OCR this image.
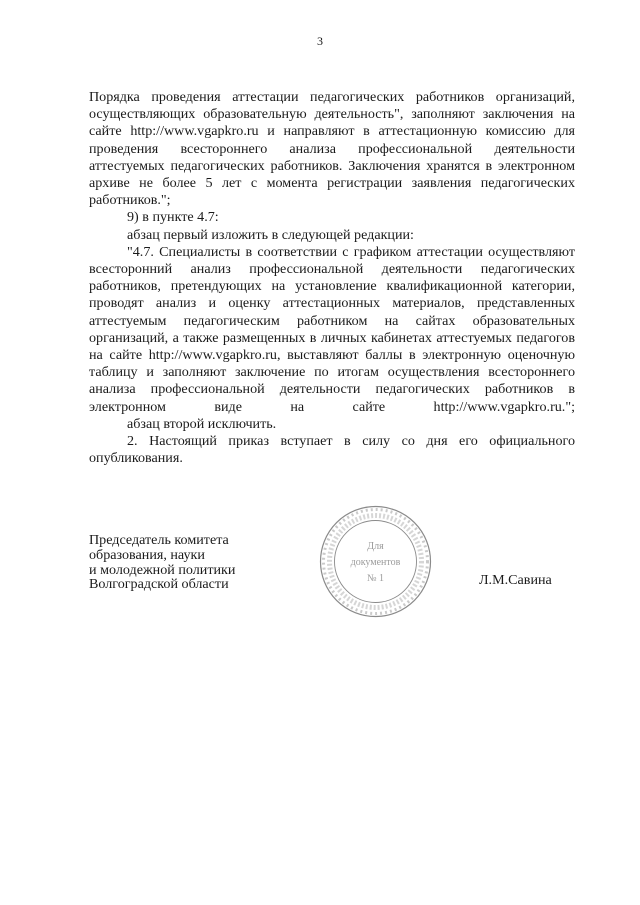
3

Порядка проведения аттестации педагогических работников организаций, осуществляющих образовательную деятельность", заполняют заключения на сайте http://www.vgapkro.ru и направляют в аттестационную комиссию для проведения всестороннего анализа профессиональной деятельности аттестуемых педагогических работников. Заключения хранятся в электронном архиве не более 5 лет с момента регистрации заявления педагогических работников.";

9) в пункте 4.7:

абзац первый изложить в следующей редакции:

"4.7. Специалисты в соответствии с графиком аттестации осуществляют всесторонний анализ профессиональной деятельности педагогических работников, претендующих на установление квалификационной категории, проводят анализ и оценку аттестационных материалов, представленных аттестуемым педагогическим работником на сайтах образовательных организаций, а также размещенных в личных кабинетах аттестуемых педагогов на сайте http://www.vgapkro.ru, выставляют баллы в электронную оценочную таблицу и заполняют заключение по итогам осуществления всестороннего анализа профессиональной деятельности педагогических работников в электронном виде на сайте http://www.vgapkro.ru.";

абзац второй исключить.

2. Настоящий приказ вступает в силу со дня его официального опубликования.

Председатель комитета
образования, науки
и молодежной политики
Волгоградской области
Для
документов
№ 1	Л.М.Савина
